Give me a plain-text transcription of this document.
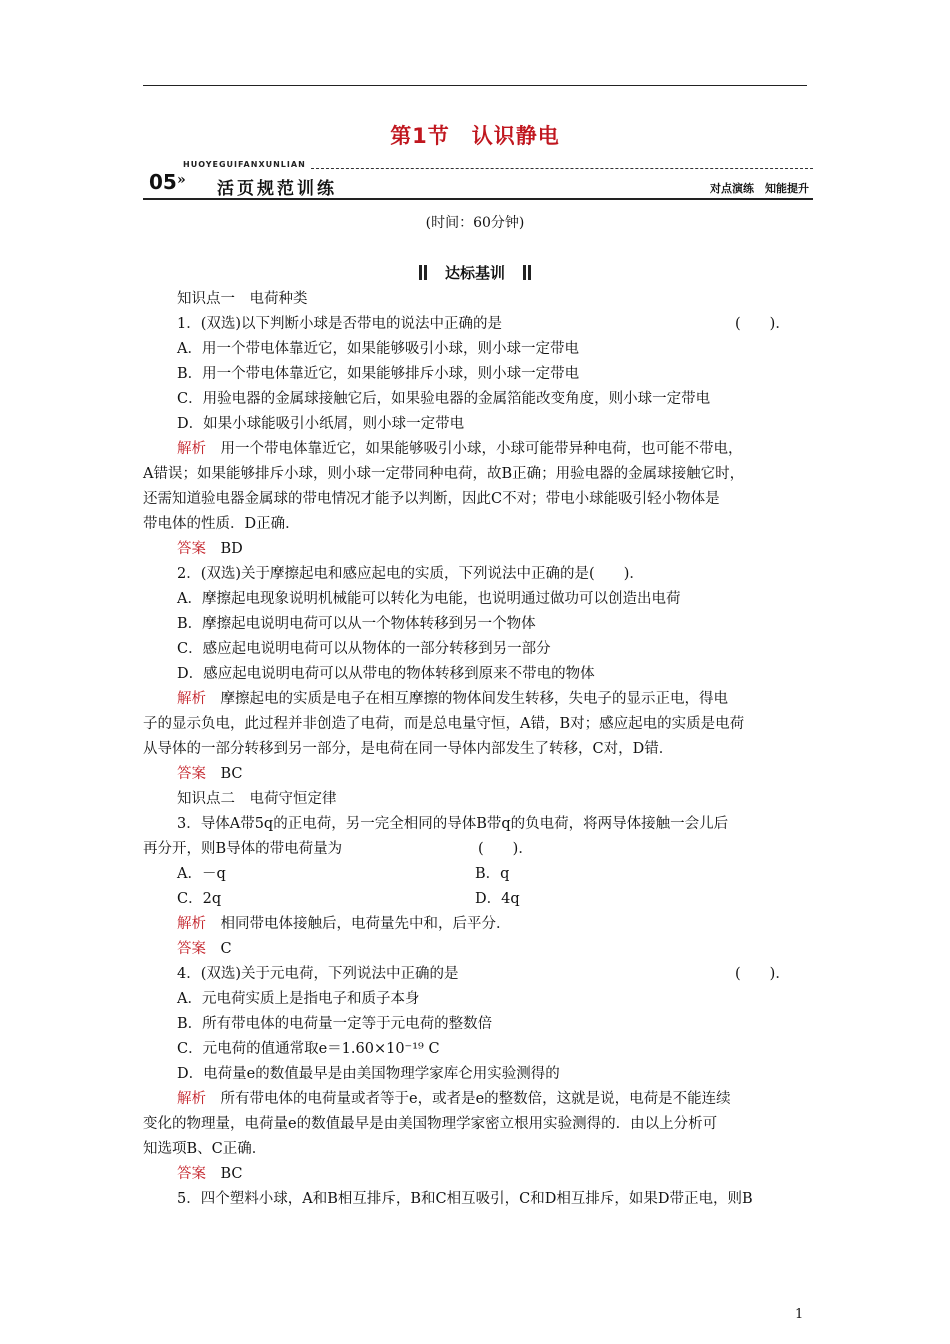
第1节　认识静电
HUOYEGUIFANXUNLIAN
05 » 活页规范训练	对点演练　知能提升
(时间：60分钟)
达标基训
知识点一　电荷种类
1．(双选)以下判断小球是否带电的说法中正确的是	(　　)．
A．用一个带电体靠近它，如果能够吸引小球，则小球一定带电
B．用一个带电体靠近它，如果能够排斥小球，则小球一定带电
C．用验电器的金属球接触它后，如果验电器的金属箔能改变角度，则小球一定带电
D．如果小球能吸引小纸屑，则小球一定带电
解析　用一个带电体靠近它，如果能够吸引小球，小球可能带异种电荷，也可能不带电，
A错误；如果能够排斥小球，则小球一定带同种电荷，故B正确；用验电器的金属球接触它时，
还需知道验电器金属球的带电情况才能予以判断，因此C不对；带电小球能吸引轻小物体是
带电体的性质．D正确．
答案　BD
2．(双选)关于摩擦起电和感应起电的实质，下列说法中正确的是(　　)．
A．摩擦起电现象说明机械能可以转化为电能，也说明通过做功可以创造出电荷
B．摩擦起电说明电荷可以从一个物体转移到另一个物体
C．感应起电说明电荷可以从物体的一部分转移到另一部分
D．感应起电说明电荷可以从带电的物体转移到原来不带电的物体
解析　摩擦起电的实质是电子在相互摩擦的物体间发生转移，失电子的显示正电，得电
子的显示负电，此过程并非创造了电荷，而是总电量守恒，A错，B对；感应起电的实质是电荷
从导体的一部分转移到另一部分，是电荷在同一导体内部发生了转移，C对，D错．
答案　BC
知识点二　电荷守恒定律
3．导体A带5q的正电荷，另一完全相同的导体B带q的负电荷，将两导体接触一会儿后
再分开，则B导体的带电荷量为	(　　)．
A．－q	B．q
C．2q	D．4q
解析　相同带电体接触后，电荷量先中和，后平分．
答案　C
4．(双选)关于元电荷，下列说法中正确的是	(　　)．
A．元电荷实质上是指电子和质子本身
B．所有带电体的电荷量一定等于元电荷的整数倍
C．元电荷的值通常取e＝1.60×10⁻¹⁹ C
D．电荷量e的数值最早是由美国物理学家库仑用实验测得的
解析　所有带电体的电荷量或者等于e，或者是e的整数倍，这就是说，电荷是不能连续
变化的物理量，电荷量e的数值最早是由美国物理学家密立根用实验测得的．由以上分析可
知选项B、C正确．
答案　BC
5．四个塑料小球，A和B相互排斥，B和C相互吸引，C和D相互排斥，如果D带正电，则B
1
